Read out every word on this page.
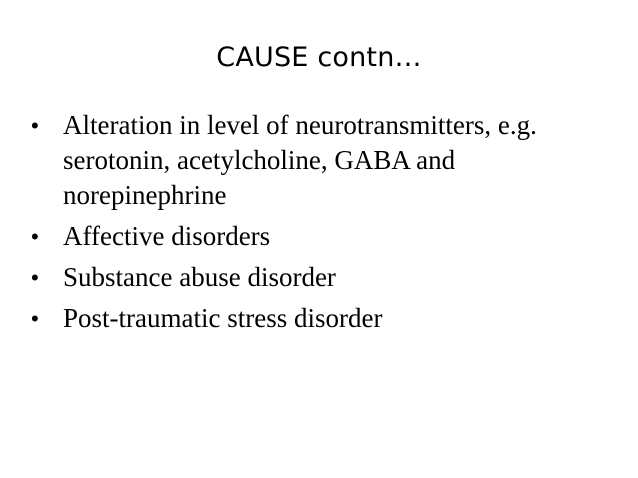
CAUSE contn…
• Alteration in level of neurotransmitters, e.g. serotonin, acetylcholine, GABA and norepinephrine
• Affective disorders
• Substance abuse disorder
• Post-traumatic stress disorder
